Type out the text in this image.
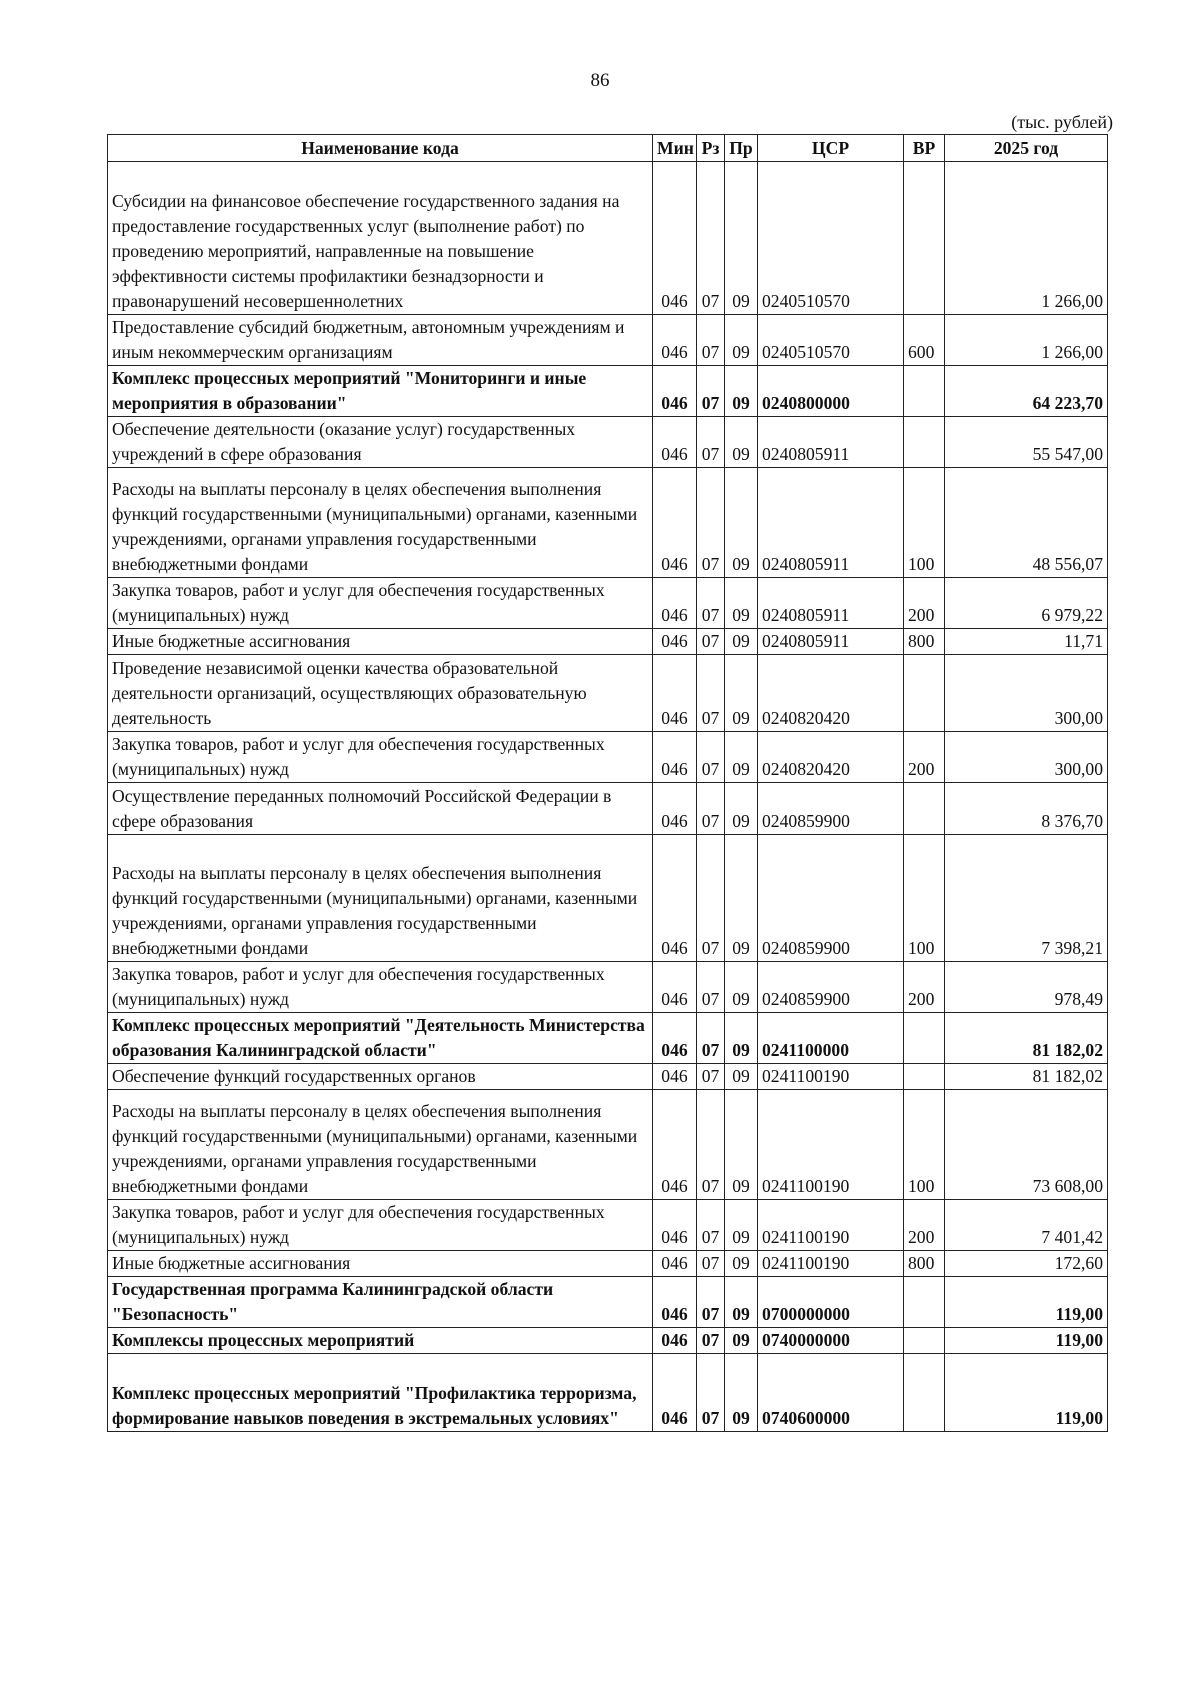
86
(тыс. рублей)
Наименование кода	Мин	Рз	Пр	ЦСР	ВР	2025 год
Субсидии на финансовое обеспечение государственного задания на предоставление государственных услуг (выполнение работ) по проведению мероприятий, направленные на повышение эффективности системы профилактики безнадзорности и правонарушений несовершеннолетних	046	07	09	0240510570		1 266,00
Предоставление субсидий бюджетным, автономным учреждениям и иным некоммерческим организациям	046	07	09	0240510570	600	1 266,00
Комплекс процессных мероприятий "Мониторинги и иные мероприятия в образовании"	046	07	09	0240800000		64 223,70
Обеспечение деятельности (оказание услуг) государственных учреждений в сфере образования	046	07	09	0240805911		55 547,00
Расходы на выплаты персоналу в целях обеспечения выполнения функций государственными (муниципальными) органами, казенными учреждениями, органами управления государственными внебюджетными фондами	046	07	09	0240805911	100	48 556,07
Закупка товаров, работ и услуг для обеспечения государственных (муниципальных) нужд	046	07	09	0240805911	200	6 979,22
Иные бюджетные ассигнования	046	07	09	0240805911	800	11,71
Проведение независимой оценки качества образовательной деятельности организаций, осуществляющих образовательную деятельность	046	07	09	0240820420		300,00
Закупка товаров, работ и услуг для обеспечения государственных (муниципальных) нужд	046	07	09	0240820420	200	300,00
Осуществление переданных полномочий Российской Федерации в сфере образования	046	07	09	0240859900		8 376,70
Расходы на выплаты персоналу в целях обеспечения выполнения функций государственными (муниципальными) органами, казенными учреждениями, органами управления государственными внебюджетными фондами	046	07	09	0240859900	100	7 398,21
Закупка товаров, работ и услуг для обеспечения государственных (муниципальных) нужд	046	07	09	0240859900	200	978,49
Комплекс процессных мероприятий "Деятельность Министерства образования Калининградской области"	046	07	09	0241100000		81 182,02
Обеспечение функций государственных органов	046	07	09	0241100190		81 182,02
Расходы на выплаты персоналу в целях обеспечения выполнения функций государственными (муниципальными) органами, казенными учреждениями, органами управления государственными внебюджетными фондами	046	07	09	0241100190	100	73 608,00
Закупка товаров, работ и услуг для обеспечения государственных (муниципальных) нужд	046	07	09	0241100190	200	7 401,42
Иные бюджетные ассигнования	046	07	09	0241100190	800	172,60
Государственная программа Калининградской области "Безопасность"	046	07	09	0700000000		119,00
Комплексы процессных мероприятий	046	07	09	0740000000		119,00
Комплекс процессных мероприятий "Профилактика терроризма, формирование навыков поведения в экстремальных условиях"	046	07	09	0740600000		119,00
